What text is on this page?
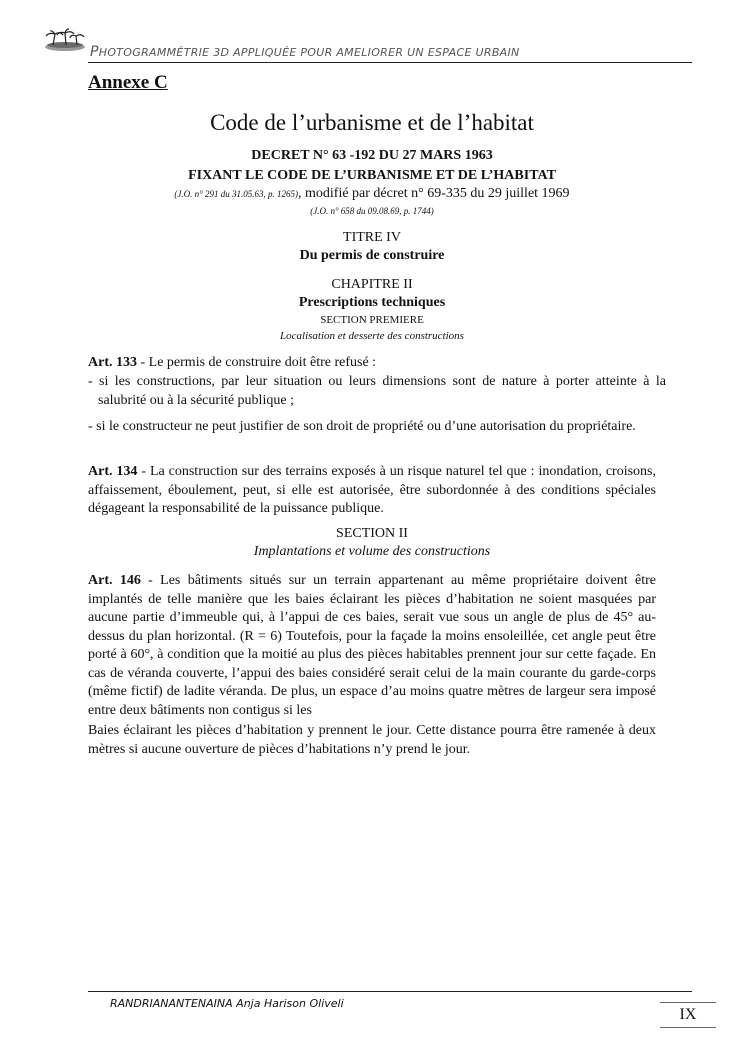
PHOTOGRAMMÉTRIE 3D APPLIQUÉE POUR AMELIORER UN ESPACE URBAIN
Annexe C
Code de l’urbanisme et de l’habitat
DECRET N° 63 -192 DU 27 MARS 1963
FIXANT LE CODE DE L’URBANISME ET DE L’HABITAT
(J.O. n° 291 du 31.05.63, p. 1265), modifié par décret n° 69-335 du 29 juillet 1969
(J.O. n° 658 du 09.08.69, p. 1744)
TITRE IV
Du permis de construire
CHAPITRE II
Prescriptions techniques
SECTION PREMIERE
Localisation et desserte des constructions
Art. 133 - Le permis de construire doit être refusé :
- si les constructions, par leur situation ou leurs dimensions sont de nature à porter atteinte à la salubrité ou à la sécurité publique ;
- si le constructeur ne peut justifier de son droit de propriété ou d’une autorisation du propriétaire.
Art. 134 - La construction sur des terrains exposés à un risque naturel tel que : inondation, croisons, affaissement, éboulement, peut, si elle est autorisée, être subordonnée à des conditions spéciales dégageant la responsabilité de la puissance publique.
SECTION II
Implantations et volume des constructions
Art. 146 - Les bâtiments situés sur un terrain appartenant au même propriétaire doivent être implantés de telle manière que les baies éclairant les pièces d’habitation ne soient masquées par aucune partie d’immeuble qui, à l’appui de ces baies, serait vue sous un angle de plus de 45° au-dessus du plan horizontal. (R = 6) Toutefois, pour la façade la moins ensoleillée, cet angle peut être porté à 60°, à condition que la moitié au plus des pièces habitables prennent jour sur cette façade. En cas de véranda couverte, l’appui des baies considéré serait celui de la main courante du garde-corps (même fictif) de ladite véranda. De plus, un espace d’au moins quatre mètres de largeur sera imposé entre deux bâtiments non contigus si les
Baies éclairant les pièces d’habitation y prennent le jour. Cette distance pourra être ramenée à deux mètres si aucune ouverture de pièces d’habitations n’y prend le jour.
RANDRIANANTENAINA Anja Harison Oliveli
IX
